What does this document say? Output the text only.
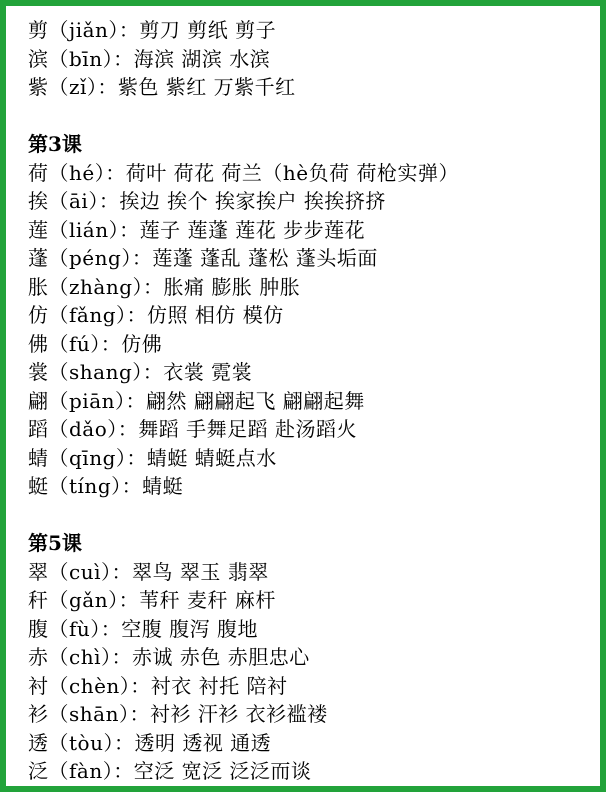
剪（jiǎn）：剪刀 剪纸 剪子
滨（bīn）：海滨 湖滨 水滨
紫（zǐ）：紫色 紫红 万紫千红
第3课
荷（hé）：荷叶 荷花 荷兰（hè负荷 荷枪实弹）
挨（āi）：挨边 挨个 挨家挨户 挨挨挤挤
莲（lián）：莲子 莲蓬 莲花 步步莲花
蓬（péng）：莲蓬 蓬乱 蓬松 蓬头垢面
胀（zhàng）：胀痛 膨胀 肿胀
仿（fǎng）：仿照 相仿 模仿
佛（fú）：仿佛
裳（shang）：衣裳 霓裳
翩（piān）：翩然 翩翩起飞 翩翩起舞
蹈（dǎo）：舞蹈 手舞足蹈 赴汤蹈火
蜻（qīng）：蜻蜓 蜻蜓点水
蜓（tíng）：蜻蜓
第5课
翠（cuì）：翠鸟 翠玉 翡翠
秆（gǎn）：苇秆 麦秆 麻杆
腹（fù）：空腹 腹泻 腹地
赤（chì）：赤诚 赤色 赤胆忠心
衬（chèn）：衬衣 衬托 陪衬
衫（shān）：衬衫 汗衫 衣衫褴褛
透（tòu）：透明 透视 通透
泛（fàn）：空泛 宽泛 泛泛而谈
